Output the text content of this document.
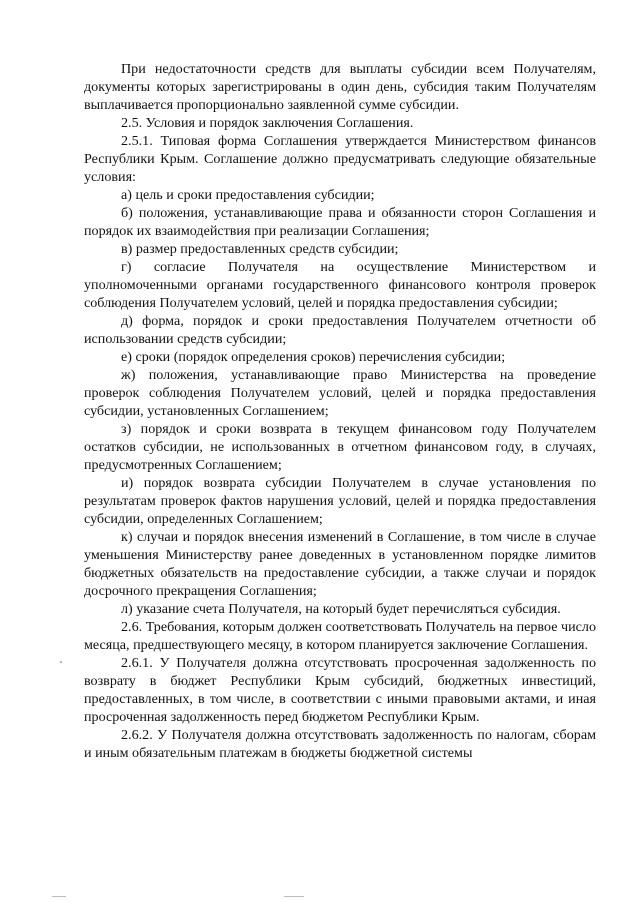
При недостаточности средств для выплаты субсидии всем Получателям, документы которых зарегистрированы в один день, субсидия таким Получателям выплачивается пропорционально заявленной сумме субсидии.

2.5. Условия и порядок заключения Соглашения.

2.5.1. Типовая форма Соглашения утверждается Министерством финансов Республики Крым. Соглашение должно предусматривать следующие обязательные условия:

а) цель и сроки предоставления субсидии;

б) положения, устанавливающие права и обязанности сторон Соглашения и порядок их взаимодействия при реализации Соглашения;

в) размер предоставленных средств субсидии;

г) согласие Получателя на осуществление Министерством и уполномоченными органами государственного финансового контроля проверок соблюдения Получателем условий, целей и порядка предоставления субсидии;

д) форма, порядок и сроки предоставления Получателем отчетности об использовании средств субсидии;

е) сроки (порядок определения сроков) перечисления субсидии;

ж) положения, устанавливающие право Министерства на проведение проверок соблюдения Получателем условий, целей и порядка предоставления субсидии, установленных Соглашением;

з) порядок и сроки возврата в текущем финансовом году Получателем остатков субсидии, не использованных в отчетном финансовом году, в случаях, предусмотренных Соглашением;

и) порядок возврата субсидии Получателем в случае установления по результатам проверок фактов нарушения условий, целей и порядка предоставления субсидии, определенных Соглашением;

к) случаи и порядок внесения изменений в Соглашение, в том числе в случае уменьшения Министерству ранее доведенных в установленном порядке лимитов бюджетных обязательств на предоставление субсидии, а также случаи и порядок досрочного прекращения Соглашения;

л) указание счета Получателя, на который будет перечисляться субсидия.

2.6. Требования, которым должен соответствовать Получатель на первое число месяца, предшествующего месяцу, в котором планируется заключение Соглашения.

2.6.1. У Получателя должна отсутствовать просроченная задолженность по возврату в бюджет Республики Крым субсидий, бюджетных инвестиций, предоставленных, в том числе, в соответствии с иными правовыми актами, и иная просроченная задолженность перед бюджетом Республики Крым.

2.6.2. У Получателя должна отсутствовать задолженность по налогам, сборам и иным обязательным платежам в бюджеты бюджетной системы
